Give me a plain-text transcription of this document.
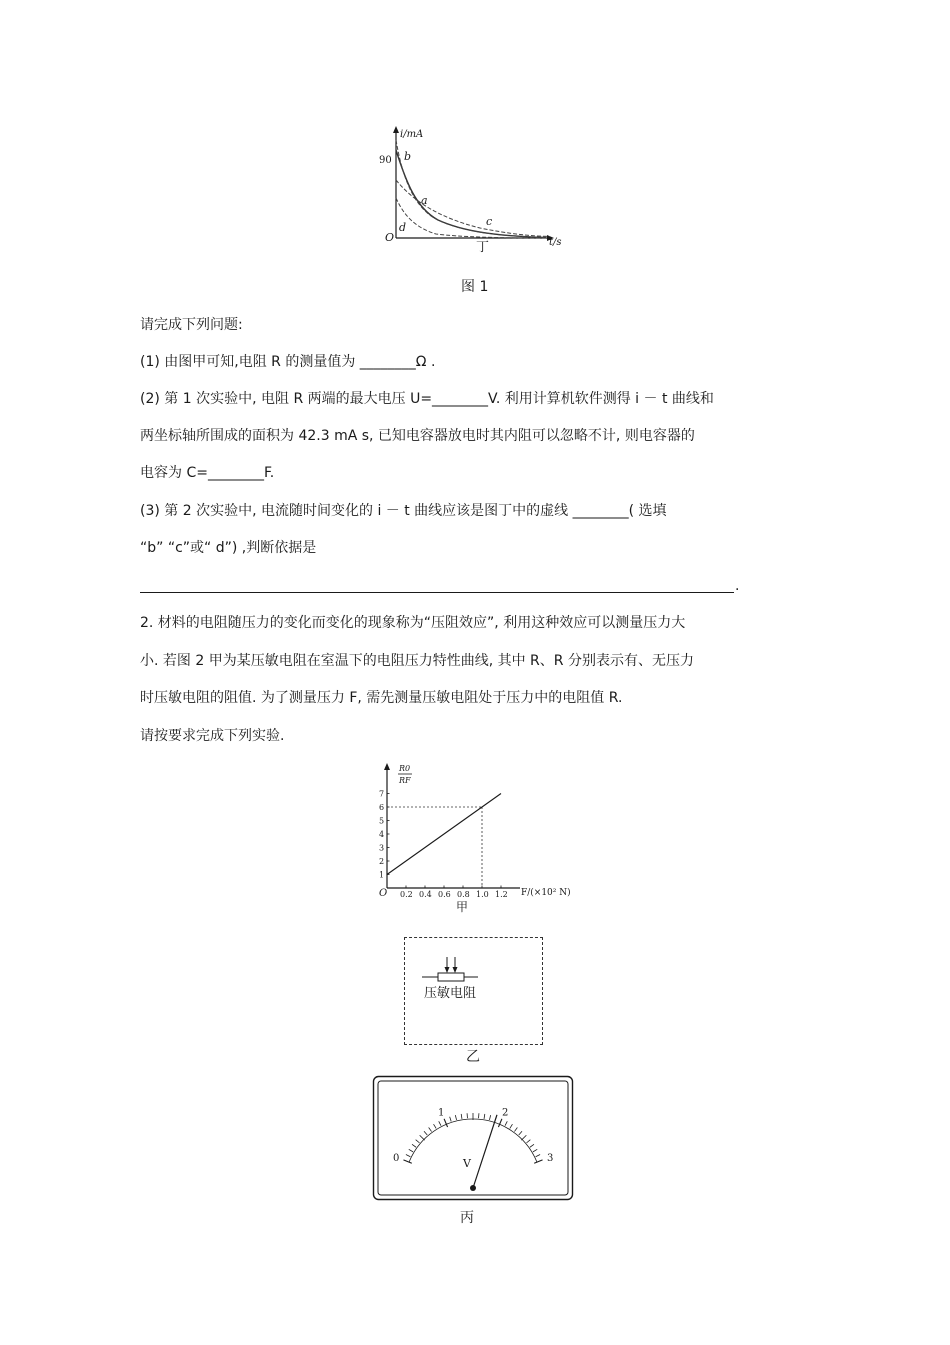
i/mA
90
O	t/s
b
a
c
d
丁
图 1
请完成下列问题:
(1) 由图甲可知,电阻 R 的测量值为 ________Ω .
(2) 第 1 次实验中, 电阻 R 两端的最大电压 U=________V. 利用计算机软件测得 i － t 曲线和
两坐标轴所围成的面积为 42.3 mA s, 已知电容器放电时其内阻可以忽略不计, 则电容器的
电容为 C=________F.
(3) 第 2 次实验中, 电流随时间变化的 i － t 曲线应该是图丁中的虚线 ________( 选填
“b” “c”或“ d”) ,判断依据是
.
2. 材料的电阻随压力的变化而变化的现象称为“压阻效应”, 利用这种效应可以测量压力大
小. 若图 2 甲为某压敏电阻在室温下的电阻压力特性曲线, 其中 R、R 分别表示有、无压力
时压敏电阻的阻值. 为了测量压力 F, 需先测量压敏电阻处于压力中的电阻值 R.
请按要求完成下列实验.
R0
RF
O	F/(×10² N)
甲
0.2 0.4 0.6 0.8 1.0 1.2
1
2
3
4
5
6
7
压敏电阻
乙
0
1	2
3
V
丙
